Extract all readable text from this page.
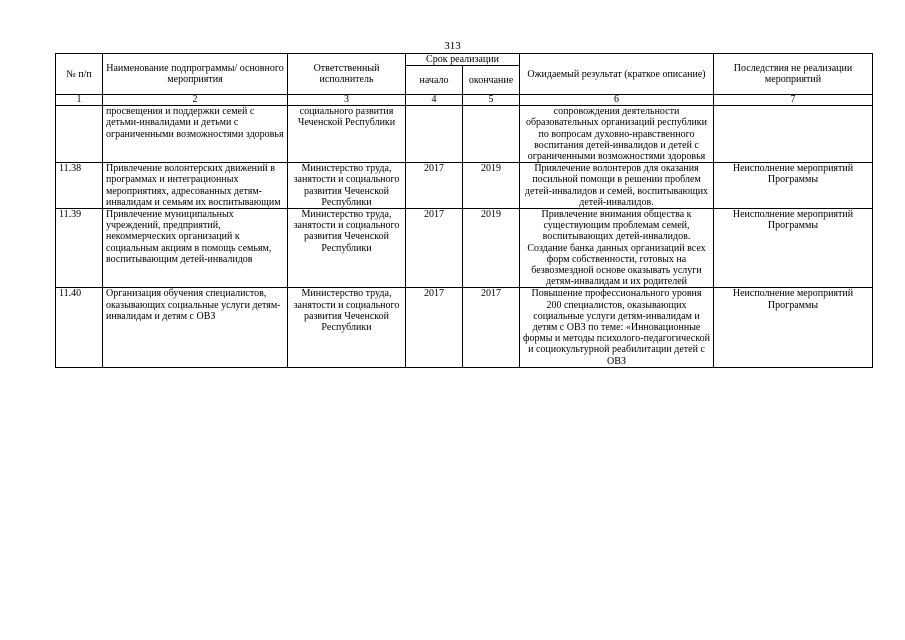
313
№ п/п	Наименование подпрограммы/ основного мероприятия	Ответственный исполнитель	Срок реализации		Ожидаемый результат (краткое описание)	Последствия не реализации мероприятий
			начало	окончание		
1	2	3	4	5	6	7
	просвещения и поддержки семей с детьми-инвалидами и детьми с ограниченными возможностями здоровья	социального развития Чеченской Республики			сопровождения деятельности образовательных организаций республики по вопросам духовно-нравственного воспитания детей-инвалидов и детей с ограниченными возможностями здоровья	
11.38	Привлечение волонтерских движений в программах и интеграционных мероприятиях, адресованных детям-инвалидам и семьям их воспитывающим	Министерство труда, занятости и социального развития Чеченской Республики	2017	2019	Привлечение волонтеров для оказания посильной помощи в решении проблем детей-инвалидов и семей, воспитывающих детей-инвалидов.	Неисполнение мероприятий Программы
11.39	Привлечение муниципальных учреждений, предприятий, некоммерческих организаций к социальным акциям в помощь семьям, воспитывающим детей-инвалидов	Министерство труда, занятости и социального развития Чеченской Республики	2017	2019	Привлечение внимания общества к существующим проблемам семей, воспитывающих детей-инвалидов. Создание банка данных организаций всех форм собственности, готовых на безвозмездной основе оказывать услуги детям-инвалидам и их родителей	Неисполнение мероприятий Программы
11.40	Организация обучения специалистов, оказывающих социальные услуги детям-инвалидам и детям с ОВЗ	Министерство труда, занятости и социального развития Чеченской Республики	2017	2017	Повышение профессионального уровня 200 специалистов, оказывающих социальные услуги детям-инвалидам и детям с ОВЗ по теме: «Инновационные формы и методы психолого-педагогической и социокультурной реабилитации детей с ОВЗ	Неисполнение мероприятий Программы
